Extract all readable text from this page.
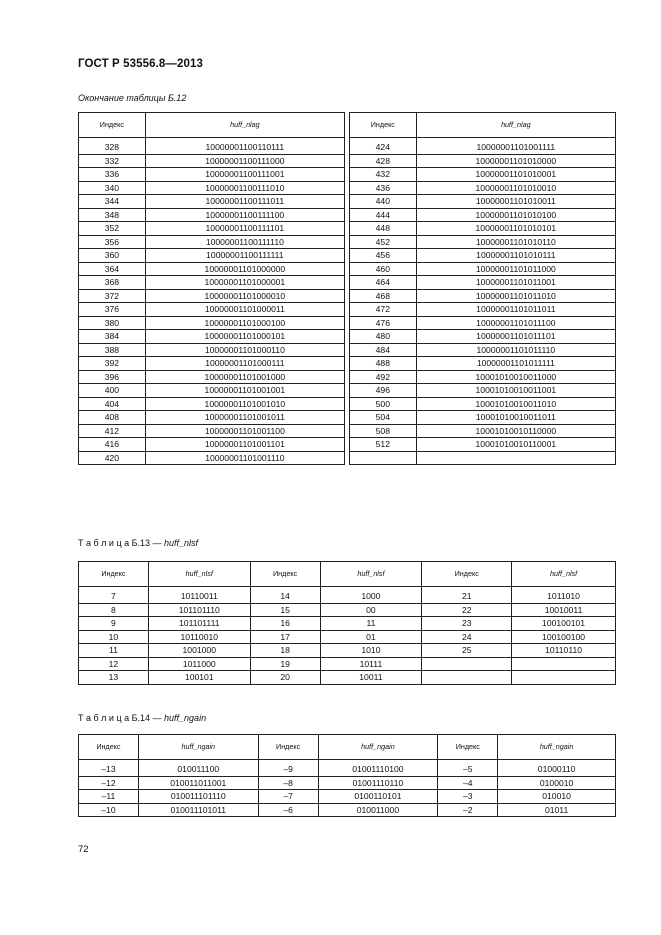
ГОСТ Р 53556.8—2013
Окончание таблицы Б.12
Индекс	huff_nlag		Индекс	huff_nlag
328	10000001100110111		424	10000001101001111
332	10000001100111000		428	10000001101010000
336	10000001100111001		432	10000001101010001
340	10000001100111010		436	10000001101010010
344	10000001100111011		440	10000001101010011
348	10000001100111100		444	10000001101010100
352	10000001100111101		448	10000001101010101
356	10000001100111110		452	10000001101010110
360	10000001100111111		456	10000001101010111
364	10000001101000000		460	10000001101011000
368	10000001101000001		464	10000001101011001
372	10000001101000010		468	10000001101011010
376	10000001101000011		472	10000001101011011
380	10000001101000100		476	10000001101011100
384	10000001101000101		480	10000001101011101
388	10000001101000110		484	10000001101011110
392	10000001101000111		488	10000001101011111
396	10000001101001000		492	10001010010011000
400	10000001101001001		496	10001010010011001
404	10000001101001010		500	10001010010011010
408	10000001101001011		504	10001010010011011
412	10000001101001100		508	10001010010110000
416	10000001101001101		512	10001010010110001
420	10000001101001110			
Т а б л и ц а Б.13 — huff_nlsf
Индекс	huff_nlsf	Индекс	huff_nlsf	Индекс	huff_nlsf
7	10110011	14	1000	21	1011010
8	101101110	15	00	22	10010011
9	101101111	16	11	23	100100101
10	10110010	17	01	24	100100100
11	1001000	18	1010	25	10110110
12	1011000	19	10111		
13	100101	20	10011		
Т а б л и ц а Б.14 — huff_ngain
Индекс	huff_ngain	Индекс	huff_ngain	Индекс	huff_ngain
–13	010011100	–9	01001110100	–5	01000110
–12	010011011001	–8	01001110110	–4	0100010
–11	010011101110	–7	0100110101	–3	010010
–10	010011101011	–6	010011000	–2	01011
72
